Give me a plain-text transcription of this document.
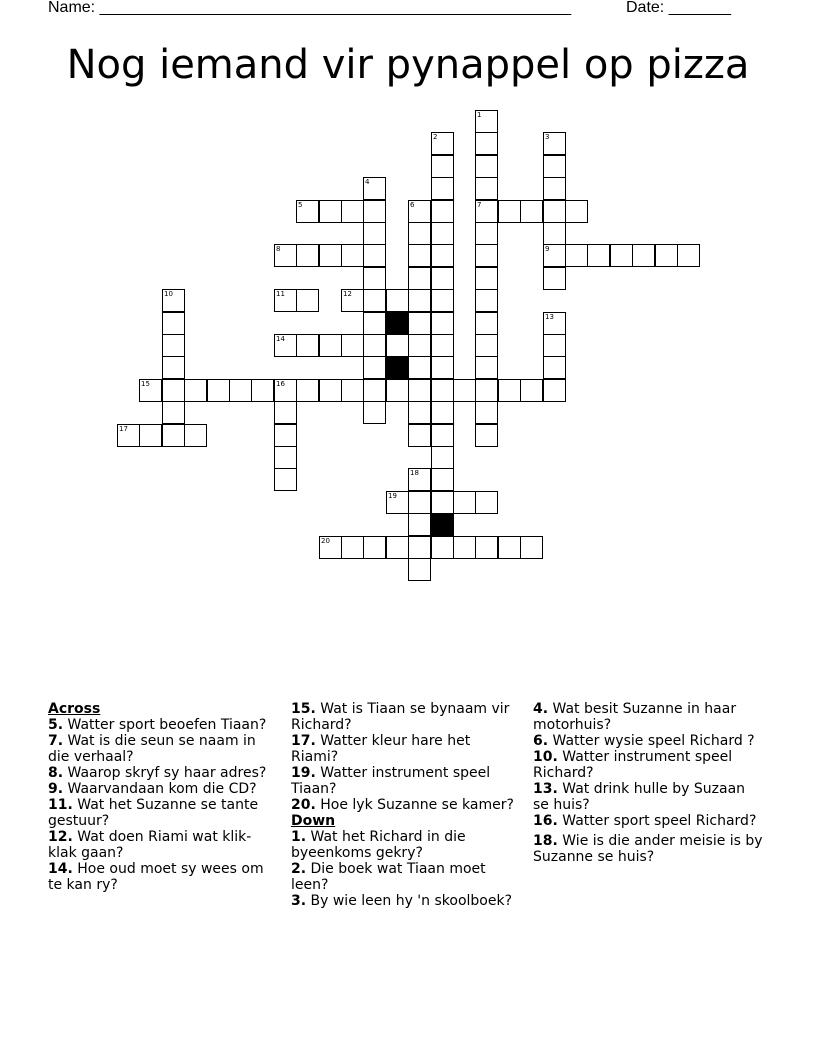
Name: _____________________________________________________	Date: _______
Nog iemand vir pynappel op pizza
1
7
2	3
9
4
5	6
8
10	11	12
13
14
15	16
17
18
19
20
Across
5. Watter sport beoefen Tiaan?
7. Wat is die seun se naam in die verhaal?
8. Waarop skryf sy haar adres?
9. Waarvandaan kom die CD?
11. Wat het Suzanne se tante gestuur?
12. Wat doen Riami wat klik-klak gaan?
14. Hoe oud moet sy wees om te kan ry?
15. Wat is Tiaan se bynaam vir Richard?
17. Watter kleur hare het Riami?
19. Watter instrument speel Tiaan?
20. Hoe lyk Suzanne se kamer?
Down
1. Wat het Richard in die byeenkoms gekry?
2. Die boek wat Tiaan moet leen?
3. By wie leen hy 'n skoolboek?
4. Wat besit Suzanne in haar motorhuis?
6. Watter wysie speel Richard ?
10. Watter instrument speel Richard?
13. Wat drink hulle by Suzaan se huis?
16. Watter sport speel Richard?
18. Wie is die ander meisie is by Suzanne se huis?
